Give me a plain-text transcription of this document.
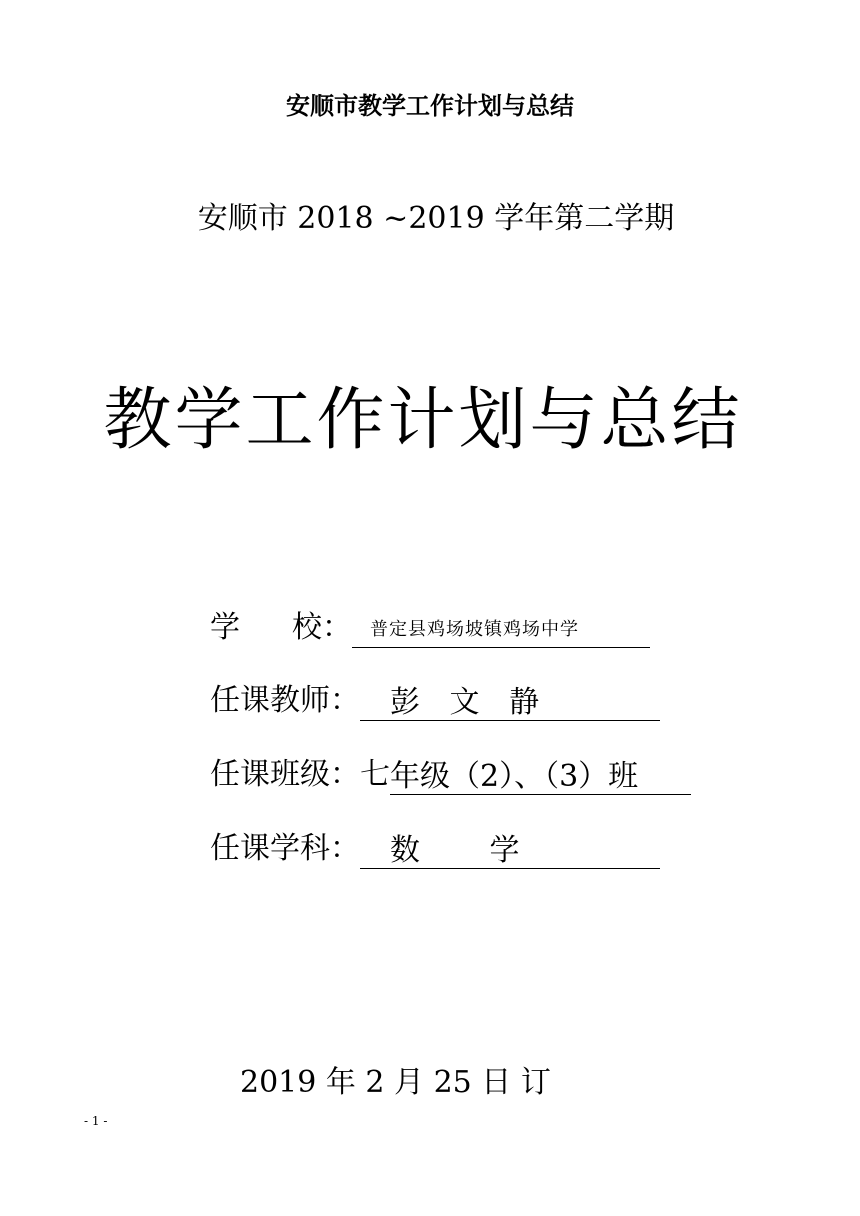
安顺市教学工作计划与总结
安顺市 2018 ~2019 学年第二学期
教学工作计划与总结
学校： 普定县鸡场坡镇鸡场中学
任课教师： 彭 文 静
任课班级：七年级（2）、（3）班
任课学科： 数 学
2019 年 2 月 25 日 订
- 1 -
